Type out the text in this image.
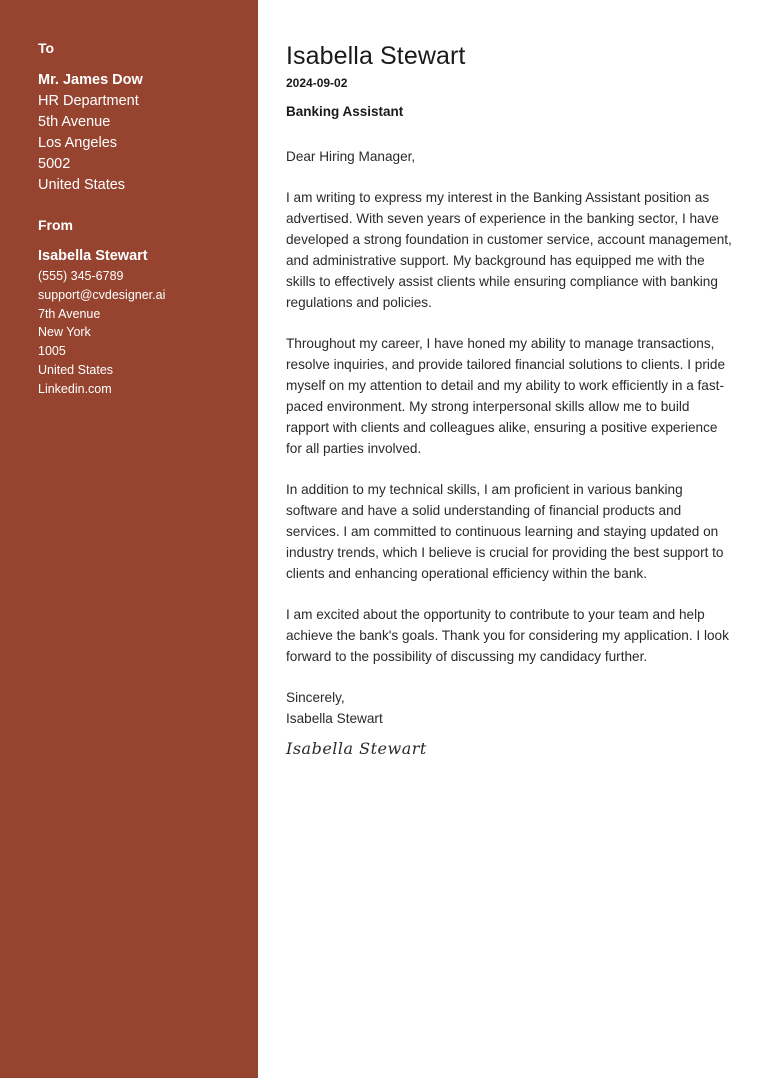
To
Mr. James Dow
HR Department
5th Avenue
Los Angeles
5002
United States
From
Isabella Stewart
(555) 345-6789
support@cvdesigner.ai
7th Avenue
New York
1005
United States
Linkedin.com
Isabella Stewart
2024-09-02
Banking Assistant

Dear Hiring Manager,

I am writing to express my interest in the Banking Assistant position as advertised. With seven years of experience in the banking sector, I have developed a strong foundation in customer service, account management, and administrative support. My background has equipped me with the skills to effectively assist clients while ensuring compliance with banking regulations and policies.

Throughout my career, I have honed my ability to manage transactions, resolve inquiries, and provide tailored financial solutions to clients. I pride myself on my attention to detail and my ability to work efficiently in a fast-paced environment. My strong interpersonal skills allow me to build rapport with clients and colleagues alike, ensuring a positive experience for all parties involved.

In addition to my technical skills, I am proficient in various banking software and have a solid understanding of financial products and services. I am committed to continuous learning and staying updated on industry trends, which I believe is crucial for providing the best support to clients and enhancing operational efficiency within the bank.

I am excited about the opportunity to contribute to your team and help achieve the bank's goals. Thank you for considering my application. I look forward to the possibility of discussing my candidacy further.

Sincerely,
Isabella Stewart
Isabella Stewart
